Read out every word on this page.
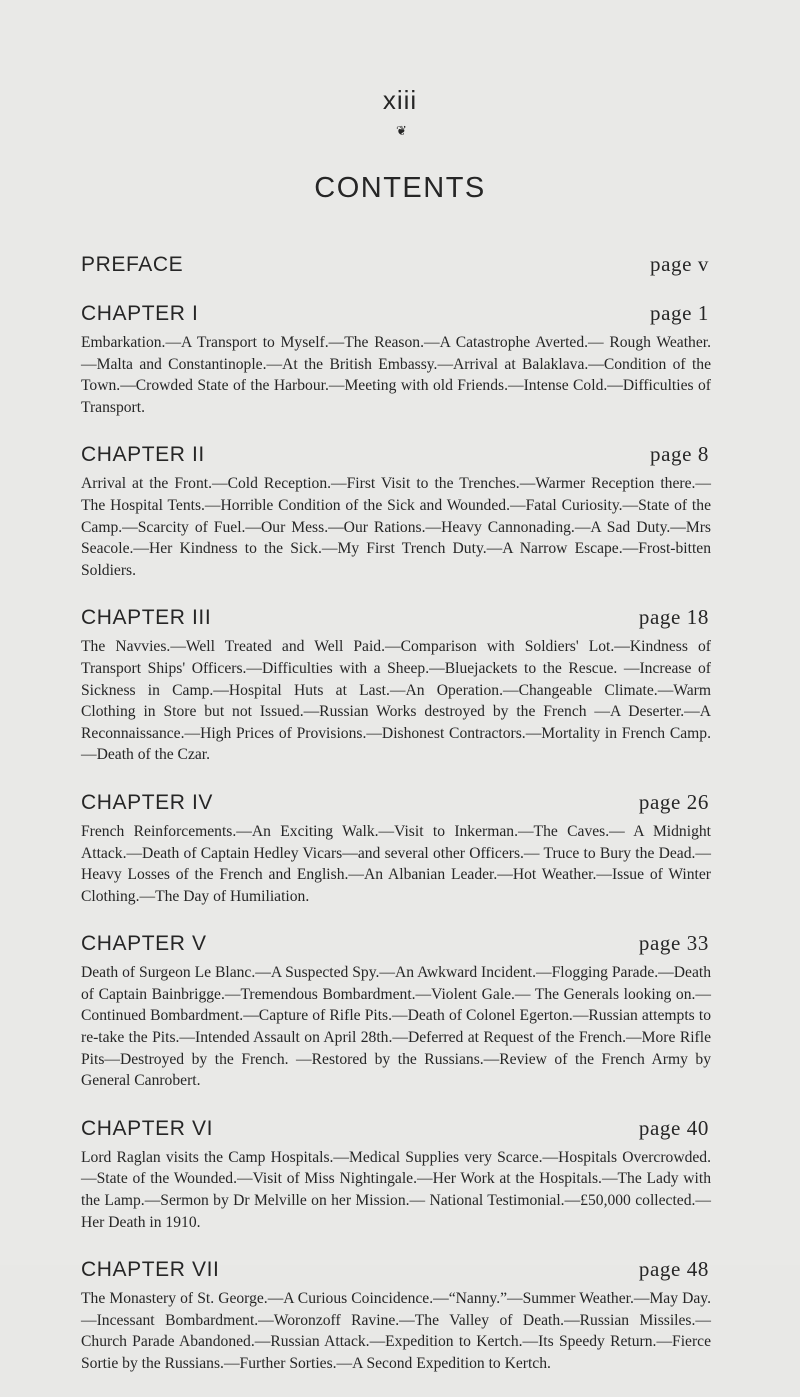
xiii
❦
CONTENTS
PREFACE	page v
CHAPTER I	page 1

Embarkation.—A Transport to Myself.—The Reason.—A Catastrophe Averted.— Rough Weather.—Malta and Constantinople.—At the British Embassy.—Arrival at Balaklava.—Condition of the Town.—Crowded State of the Harbour.—Meeting with old Friends.—Intense Cold.—Difficulties of Transport.

CHAPTER II	page 8

Arrival at the Front.—Cold Reception.—First Visit to the Trenches.—Warmer Reception there.—The Hospital Tents.—Horrible Condition of the Sick and Wounded.—Fatal Curiosity.—State of the Camp.—Scarcity of Fuel.—Our Mess.—Our Rations.—Heavy Cannonading.—A Sad Duty.—Mrs Seacole.—Her Kindness to the Sick.—My First Trench Duty.—A Narrow Escape.—Frost-bitten Soldiers.

CHAPTER III	page 18

The Navvies.—Well Treated and Well Paid.—Comparison with Soldiers' Lot.—Kindness of Transport Ships' Officers.—Difficulties with a Sheep.—Bluejackets to the Rescue. —Increase of Sickness in Camp.—Hospital Huts at Last.—An Operation.—Changeable Climate.—Warm Clothing in Store but not Issued.—Russian Works destroyed by the French —A Deserter.—A Reconnaissance.—High Prices of Provisions.—Dishonest Contractors.—Mortality in French Camp.—Death of the Czar.

CHAPTER IV	page 26

French Reinforcements.—An Exciting Walk.—Visit to Inkerman.—The Caves.— A Midnight Attack.—Death of Captain Hedley Vicars—and several other Officers.— Truce to Bury the Dead.—Heavy Losses of the French and English.—An Albanian Leader.—Hot Weather.—Issue of Winter Clothing.—The Day of Humiliation.

CHAPTER V	page 33

Death of Surgeon Le Blanc.—A Suspected Spy.—An Awkward Incident.—Flogging Parade.—Death of Captain Bainbrigge.—Tremendous Bombardment.—Violent Gale.— The Generals looking on.—Continued Bombardment.—Capture of Rifle Pits.—Death of Colonel Egerton.—Russian attempts to re-take the Pits.—Intended Assault on April 28th.—Deferred at Request of the French.—More Rifle Pits—Destroyed by the French. —Restored by the Russians.—Review of the French Army by General Canrobert.

CHAPTER VI	page 40

Lord Raglan visits the Camp Hospitals.—Medical Supplies very Scarce.—Hospitals Overcrowded.—State of the Wounded.—Visit of Miss Nightingale.—Her Work at the Hospitals.—The Lady with the Lamp.—Sermon by Dr Melville on her Mission.— National Testimonial.—£50,000 collected.—Her Death in 1910.

CHAPTER VII	page 48

The Monastery of St. George.—A Curious Coincidence.—“Nanny.”—Summer Weather.—May Day.—Incessant Bombardment.—Woronzoff Ravine.—The Valley of Death.—Russian Missiles.—Church Parade Abandoned.—Russian Attack.—Expedition to Kertch.—Its Speedy Return.—Fierce Sortie by the Russians.—Further Sorties.—A Second Expedition to Kertch.
